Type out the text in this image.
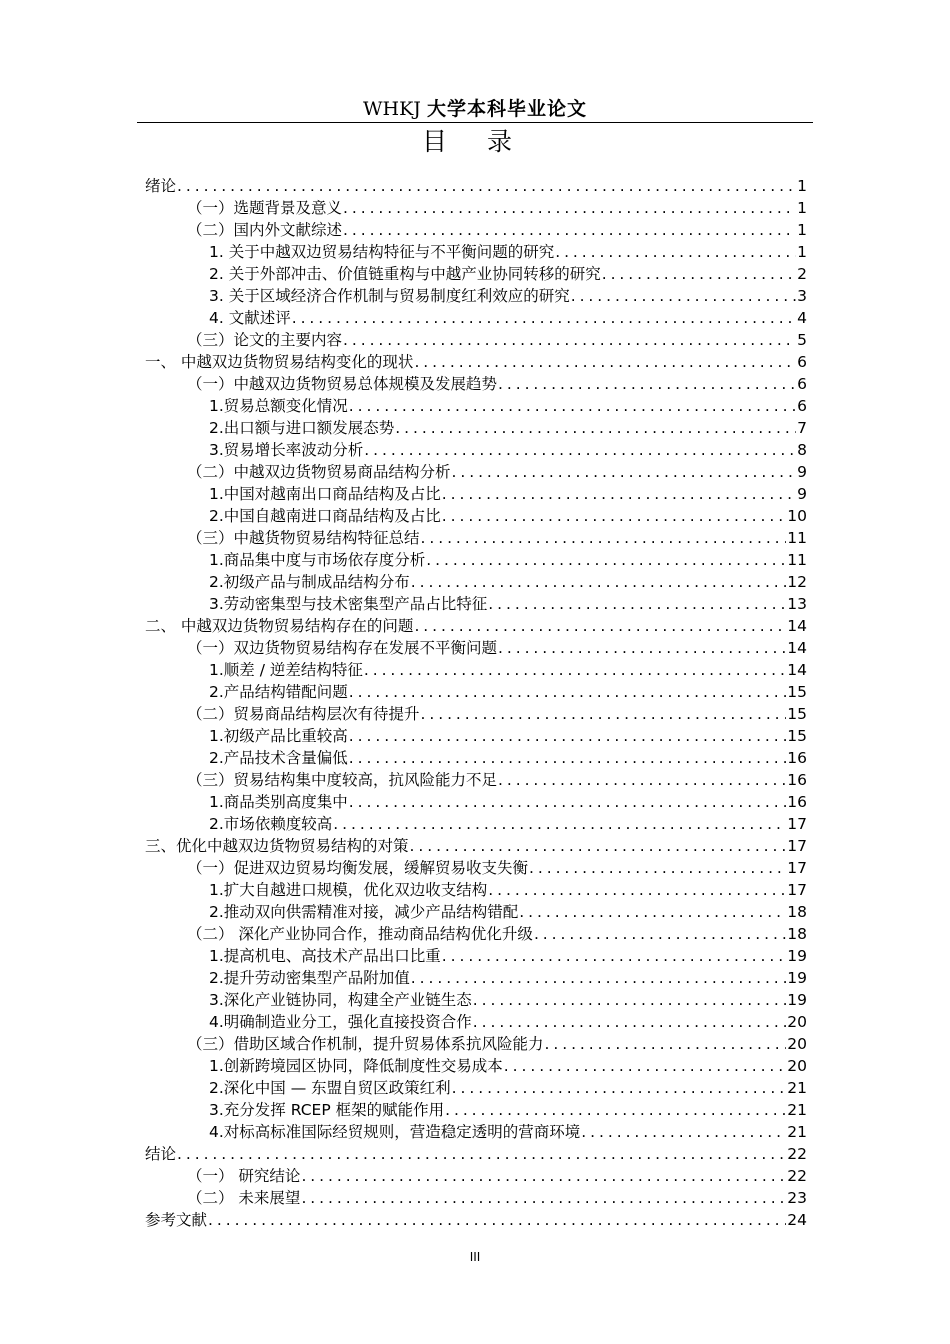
WHKJ 大学本科毕业论文
目 录
绪论 . . .	1
（一）选题背景及意义 . . .	1
（二）国内外文献综述 . . .	1
1. 关于中越双边贸易结构特征与不平衡问题的研究 . . .	1
2. 关于外部冲击、价值链重构与中越产业协同转移的研究 . . .	2
3. 关于区域经济合作机制与贸易制度红利效应的研究 . . .	3
4. 文献述评 . . .	4
（三）论文的主要内容 . . .	5
一、 中越双边货物贸易结构变化的现状 . . .	6
（一）中越双边货物贸易总体规模及发展趋势 . . .	6
1.贸易总额变化情况 . . .	6
2.出口额与进口额发展态势 . . .	7
3.贸易增长率波动分析 . . .	8
（二）中越双边货物贸易商品结构分析 . . .	9
1.中国对越南出口商品结构及占比 . . .	9
2.中国自越南进口商品结构及占比 . . .	10
（三）中越货物贸易结构特征总结 . . .	11
1.商品集中度与市场依存度分析 . . .	11
2.初级产品与制成品结构分布 . . .	12
3.劳动密集型与技术密集型产品占比特征 . . .	13
二、 中越双边货物贸易结构存在的问题 . . .	14
（一）双边货物贸易结构存在发展不平衡问题 . . .	14
1.顺差 / 逆差结构特征 . . .	14
2.产品结构错配问题 . . .	15
（二）贸易商品结构层次有待提升 . . .	15
1.初级产品比重较高 . . .	15
2.产品技术含量偏低 . . .	16
（三）贸易结构集中度较高，抗风险能力不足 . . .	16
1.商品类别高度集中 . . .	16
2.市场依赖度较高 . . .	17
三、优化中越双边货物贸易结构的对策 . . .	17
（一）促进双边贸易均衡发展，缓解贸易收支失衡 . . .	17
1.扩大自越进口规模，优化双边收支结构 . . .	17
2.推动双向供需精准对接，减少产品结构错配 . . .	18
（二） 深化产业协同合作，推动商品结构优化升级 . . .	18
1.提高机电、高技术产品出口比重 . . .	19
2.提升劳动密集型产品附加值 . . .	19
3.深化产业链协同，构建全产业链生态 . . .	19
4.明确制造业分工，强化直接投资合作 . . .	20
（三）借助区域合作机制，提升贸易体系抗风险能力 . . .	20
1.创新跨境园区协同，降低制度性交易成本 . . .	20
2.深化中国 — 东盟自贸区政策红利 . . .	21
3.充分发挥 RCEP 框架的赋能作用 . . .	21
4.对标高标准国际经贸规则，营造稳定透明的营商环境 . . .	21
结论 . . .	22
（一） 研究结论 . . .	22
（二） 未来展望 . . .	23
参考文献 . . .	24
III
